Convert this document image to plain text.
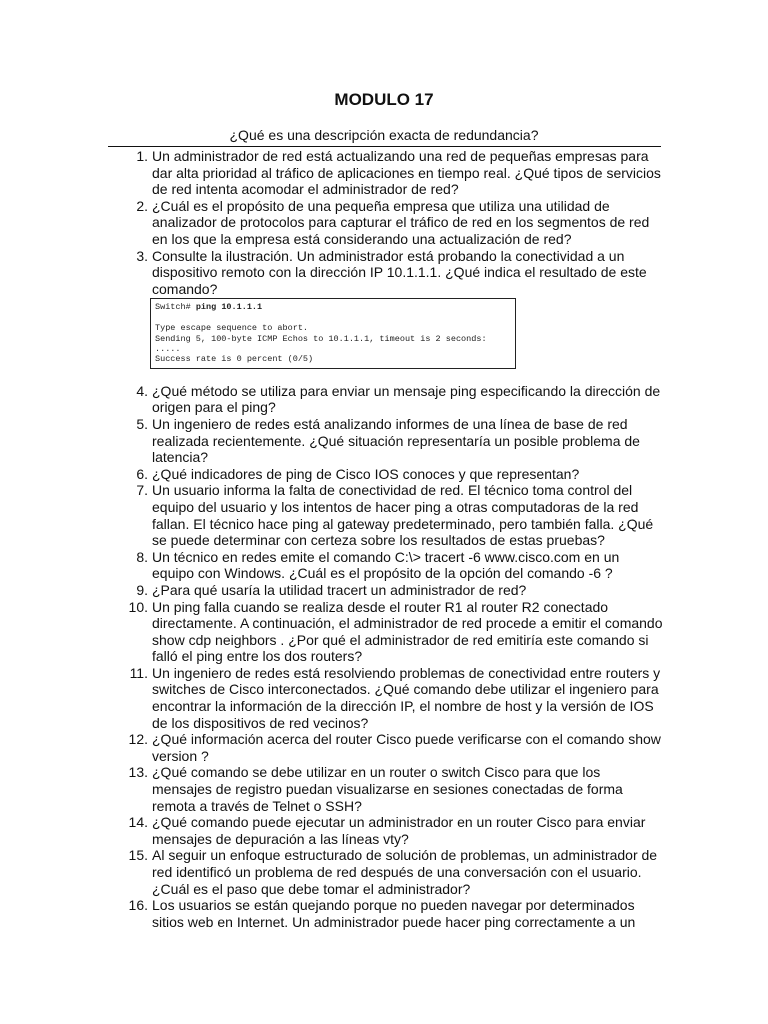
MODULO 17
¿Qué es una descripción exacta de redundancia?
1. Un administrador de red está actualizando una red de pequeñas empresas para dar alta prioridad al tráfico de aplicaciones en tiempo real. ¿Qué tipos de servicios de red intenta acomodar el administrador de red?
2. ¿Cuál es el propósito de una pequeña empresa que utiliza una utilidad de analizador de protocolos para capturar el tráfico de red en los segmentos de red en los que la empresa está considerando una actualización de red?
3. Consulte la ilustración. Un administrador está probando la conectividad a un dispositivo remoto con la dirección IP 10.1.1.1. ¿Qué indica el resultado de este comando?
Switch# ping 10.1.1.1

Type escape sequence to abort.
Sending 5, 100-byte ICMP Echos to 10.1.1.1, timeout is 2 seconds:
.....
Success rate is 0 percent (0/5)
4. ¿Qué método se utiliza para enviar un mensaje ping especificando la dirección de origen para el ping?
5. Un ingeniero de redes está analizando informes de una línea de base de red realizada recientemente. ¿Qué situación representaría un posible problema de latencia?
6. ¿Qué indicadores de ping de Cisco IOS conoces y que representan?
7. Un usuario informa la falta de conectividad de red. El técnico toma control del equipo del usuario y los intentos de hacer ping a otras computadoras de la red fallan. El técnico hace ping al gateway predeterminado, pero también falla. ¿Qué se puede determinar con certeza sobre los resultados de estas pruebas?
8. Un técnico en redes emite el comando C:\> tracert -6 www.cisco.com en un equipo con Windows. ¿Cuál es el propósito de la opción del comando -6 ?
9. ¿Para qué usaría la utilidad tracert un administrador de red?
10. Un ping falla cuando se realiza desde el router R1 al router R2 conectado directamente. A continuación, el administrador de red procede a emitir el comando show cdp neighbors . ¿Por qué el administrador de red emitiría este comando si falló el ping entre los dos routers?
11. Un ingeniero de redes está resolviendo problemas de conectividad entre routers y switches de Cisco interconectados. ¿Qué comando debe utilizar el ingeniero para encontrar la información de la dirección IP, el nombre de host y la versión de IOS de los dispositivos de red vecinos?
12. ¿Qué información acerca del router Cisco puede verificarse con el comando show version ?
13. ¿Qué comando se debe utilizar en un router o switch Cisco para que los mensajes de registro puedan visualizarse en sesiones conectadas de forma remota a través de Telnet o SSH?
14. ¿Qué comando puede ejecutar un administrador en un router Cisco para enviar mensajes de depuración a las líneas vty?
15. Al seguir un enfoque estructurado de solución de problemas, un administrador de red identificó un problema de red después de una conversación con el usuario. ¿Cuál es el paso que debe tomar el administrador?
16. Los usuarios se están quejando porque no pueden navegar por determinados sitios web en Internet. Un administrador puede hacer ping correctamente a un
